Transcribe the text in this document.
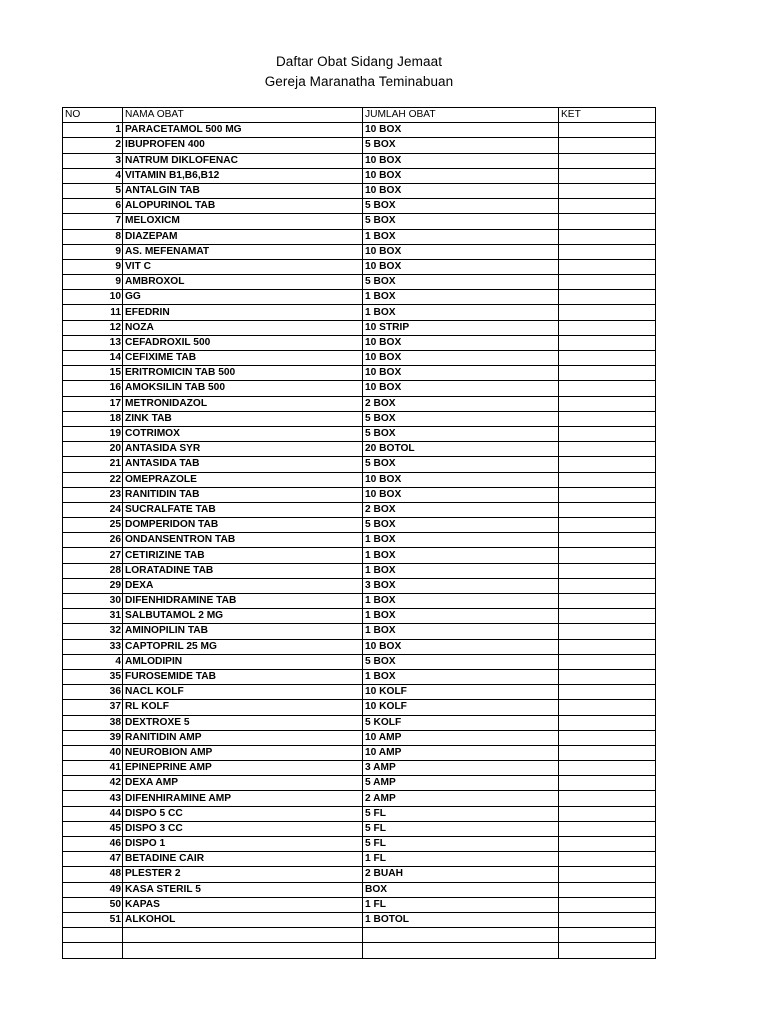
Daftar Obat Sidang Jemaat
Gereja Maranatha Teminabuan
NO	NAMA OBAT	JUMLAH OBAT	KET
1	PARACETAMOL 500 MG	10 BOX	
2	IBUPROFEN 400	5 BOX	
3	NATRUM DIKLOFENAC	10 BOX	
4	VITAMIN B1,B6,B12	10 BOX	
5	ANTALGIN TAB	10 BOX	
6	ALOPURINOL TAB	5 BOX	
7	MELOXICM	5 BOX	
8	DIAZEPAM	1 BOX	
9	AS. MEFENAMAT	10 BOX	
9	VIT C	10 BOX	
9	AMBROXOL	5 BOX	
10	GG	1 BOX	
11	EFEDRIN	1 BOX	
12	NOZA	10 STRIP	
13	CEFADROXIL 500	10 BOX	
14	CEFIXIME TAB	10 BOX	
15	ERITROMICIN TAB 500	10 BOX	
16	AMOKSILIN TAB 500	10 BOX	
17	METRONIDAZOL	2 BOX	
18	ZINK TAB	5 BOX	
19	COTRIMOX	5 BOX	
20	ANTASIDA SYR	20 BOTOL	
21	ANTASIDA TAB	5 BOX	
22	OMEPRAZOLE	10 BOX	
23	RANITIDIN TAB	10 BOX	
24	SUCRALFATE TAB	2 BOX	
25	DOMPERIDON TAB	5 BOX	
26	ONDANSENTRON TAB	1 BOX	
27	CETIRIZINE TAB	1 BOX	
28	LORATADINE TAB	1 BOX	
29	DEXA	3 BOX	
30	DIFENHIDRAMINE TAB	1 BOX	
31	SALBUTAMOL 2 MG	1 BOX	
32	AMINOPILIN TAB	1 BOX	
33	CAPTOPRIL 25 MG	10 BOX	
4	AMLODIPIN	5 BOX	
35	FUROSEMIDE TAB	1 BOX	
36	NACL KOLF	10 KOLF	
37	RL KOLF	10 KOLF	
38	DEXTROXE 5	5 KOLF	
39	RANITIDIN AMP	10 AMP	
40	NEUROBION AMP	10 AMP	
41	EPINEPRINE AMP	3 AMP	
42	DEXA AMP	5 AMP	
43	DIFENHIRAMINE AMP	2 AMP	
44	DISPO 5 CC	5 FL	
45	DISPO 3 CC	5 FL	
46	DISPO 1	5 FL	
47	BETADINE CAIR	1 FL	
48	PLESTER 2	2 BUAH	
49	KASA STERIL 5	BOX	
50	KAPAS	1 FL	
51	ALKOHOL	1 BOTOL	
